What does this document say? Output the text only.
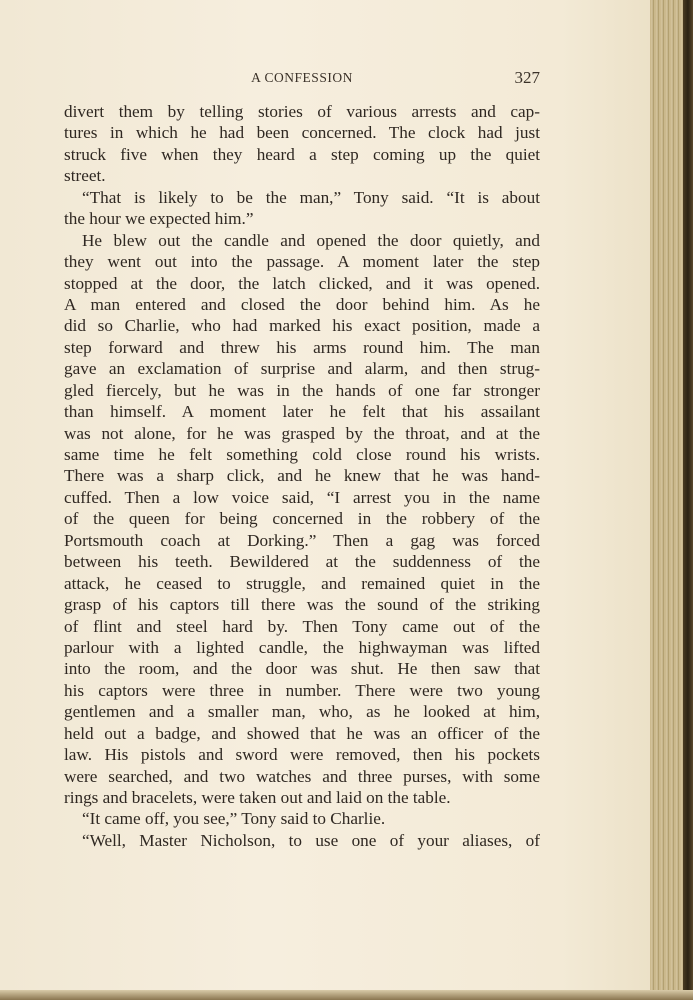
A CONFESSION	327
divert them by telling stories of various arrests and cap-
tures in which he had been concerned. The clock had just
struck five when they heard a step coming up the quiet
street.
“That is likely to be the man,” Tony said. “It is about
the hour we expected him.”
He blew out the candle and opened the door quietly, and
they went out into the passage. A moment later the step
stopped at the door, the latch clicked, and it was opened.
A man entered and closed the door behind him. As he
did so Charlie, who had marked his exact position, made a
step forward and threw his arms round him. The man
gave an exclamation of surprise and alarm, and then strug-
gled fiercely, but he was in the hands of one far stronger
than himself. A moment later he felt that his assailant
was not alone, for he was grasped by the throat, and at the
same time he felt something cold close round his wrists.
There was a sharp click, and he knew that he was hand-
cuffed. Then a low voice said, “I arrest you in the name
of the queen for being concerned in the robbery of the
Portsmouth coach at Dorking.” Then a gag was forced
between his teeth. Bewildered at the suddenness of the
attack, he ceased to struggle, and remained quiet in the
grasp of his captors till there was the sound of the striking
of flint and steel hard by. Then Tony came out of the
parlour with a lighted candle, the highwayman was lifted
into the room, and the door was shut. He then saw that
his captors were three in number. There were two young
gentlemen and a smaller man, who, as he looked at him,
held out a badge, and showed that he was an officer of the
law. His pistols and sword were removed, then his pockets
were searched, and two watches and three purses, with some
rings and bracelets, were taken out and laid on the table.
“It came off, you see,” Tony said to Charlie.
“Well, Master Nicholson, to use one of your aliases, of
